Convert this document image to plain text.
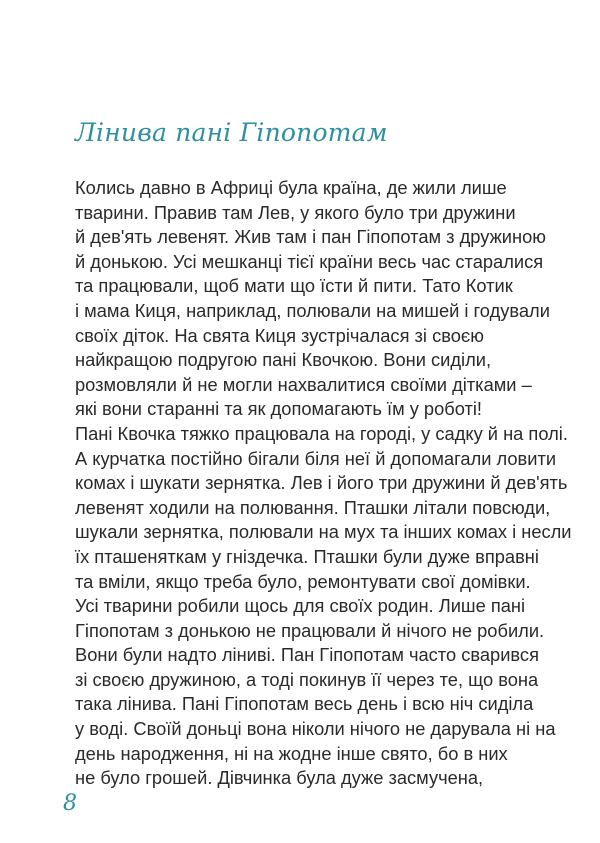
Лінива пані Гіпопотам
Колись давно в Африці була країна, де жили лише
тварини. Правив там Лев, у якого було три дружини
й дев'ять левенят. Жив там і пан Гіпопотам з дружиною
й донькою. Усі мешканці тієї країни весь час старалися
та працювали, щоб мати що їсти й пити. Тато Котик
і мама Киця, наприклад, полювали на мишей і годували
своїх діток. На свята Киця зустрічалася зі своєю
найкращою подругою пані Квочкою. Вони сиділи,
розмовляли й не могли нахвалитися своїми дітками –
які вони старанні та як допомагають їм у роботі!
Пані Квочка тяжко працювала на городі, у садку й на полі.
А курчатка постійно бігали біля неї й допомагали ловити
комах і шукати зернятка. Лев і його три дружини й дев'ять
левенят ходили на полювання. Пташки літали повсюди,
шукали зернятка, полювали на мух та інших комах і несли
їх пташеняткам у гніздечка. Пташки були дуже вправні
та вміли, якщо треба було, ремонтувати свої домівки.
Усі тварини робили щось для своїх родин. Лише пані
Гіпопотам з донькою не працювали й нічого не робили.
Вони були надто ліниві. Пан Гіпопотам часто сварився
зі своєю дружиною, а тоді покинув її через те, що вона
така лінива. Пані Гіпопотам весь день і всю ніч сиділа
у воді. Своїй доньці вона ніколи нічого не дарувала ні на
день народження, ні на жодне інше свято, бо в них
не було грошей. Дівчинка була дуже засмучена,
8
